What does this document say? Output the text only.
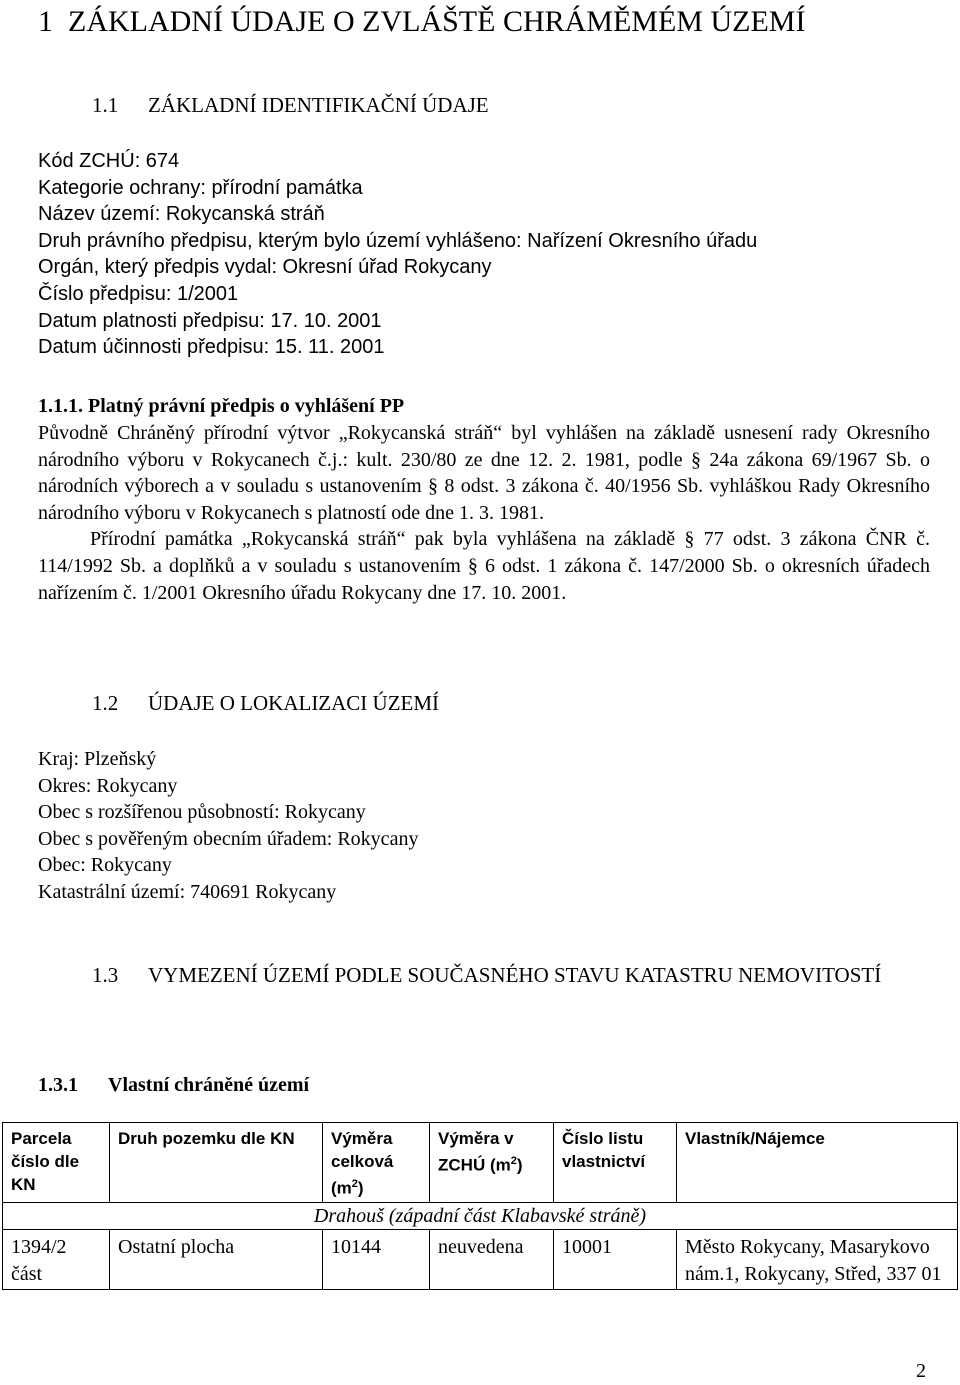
1 ZÁKLADNÍ ÚDAJE O ZVLÁŠTĚ CHRÁMĚMÉM ÚZEMÍ
1.1 ZÁKLADNÍ IDENTIFIKAČNÍ ÚDAJE
Kód ZCHÚ: 674
Kategorie ochrany: přírodní památka
Název území: Rokycanská stráň
Druh právního předpisu, kterým bylo území vyhlášeno: Nařízení Okresního úřadu
Orgán, který předpis vydal: Okresní úřad Rokycany
Číslo předpisu: 1/2001
Datum platnosti předpisu: 17. 10. 2001
Datum účinnosti předpisu: 15. 11. 2001
1.1.1. Platný právní předpis o vyhlášení PP

Původně Chráněný přírodní výtvor „Rokycanská stráň“ byl vyhlášen na základě usnesení rady Okresního národního výboru v Rokycanech č.j.: kult. 230/80 ze dne 12. 2. 1981, podle § 24a zákona 69/1967 Sb. o národních výborech a v souladu s ustanovením § 8 odst. 3 zákona č. 40/1956 Sb. vyhláškou Rady Okresního národního výboru v Rokycanech s platností ode dne 1. 3. 1981.

Přírodní památka „Rokycanská stráň“ pak byla vyhlášena na základě § 77 odst. 3 zákona ČNR č. 114/1992 Sb. a doplňků a v souladu s ustanovením § 6 odst. 1 zákona č. 147/2000 Sb. o okresních úřadech nařízením č. 1/2001 Okresního úřadu Rokycany dne 17. 10. 2001.

1.2 ÚDAJE O LOKALIZACI ÚZEMÍ
Kraj: Plzeňský
Okres: Rokycany
Obec s rozšířenou působností: Rokycany
Obec s pověřeným obecním úřadem: Rokycany
Obec: Rokycany
Katastrální území: 740691 Rokycany
1.3 VYMEZENÍ ÚZEMÍ PODLE SOUČASNÉHO STAVU KATASTRU NEMOVITOSTÍ
1.3.1 Vlastní chráněné území
Parcela číslo dle KN	Druh pozemku dle KN	Výměra celková $(m^2)$	Výměra v ZCHÚ $(m^2)$	Číslo listu vlastnictví	Vlastník/Nájemce
Drahouš (západní část Klabavské stráně)					
1394/2 část	Ostatní plocha	10144	neuvedena	10001	Město Rokycany, Masarykovo nám.1, Rokycany, Střed, 337 01
2
